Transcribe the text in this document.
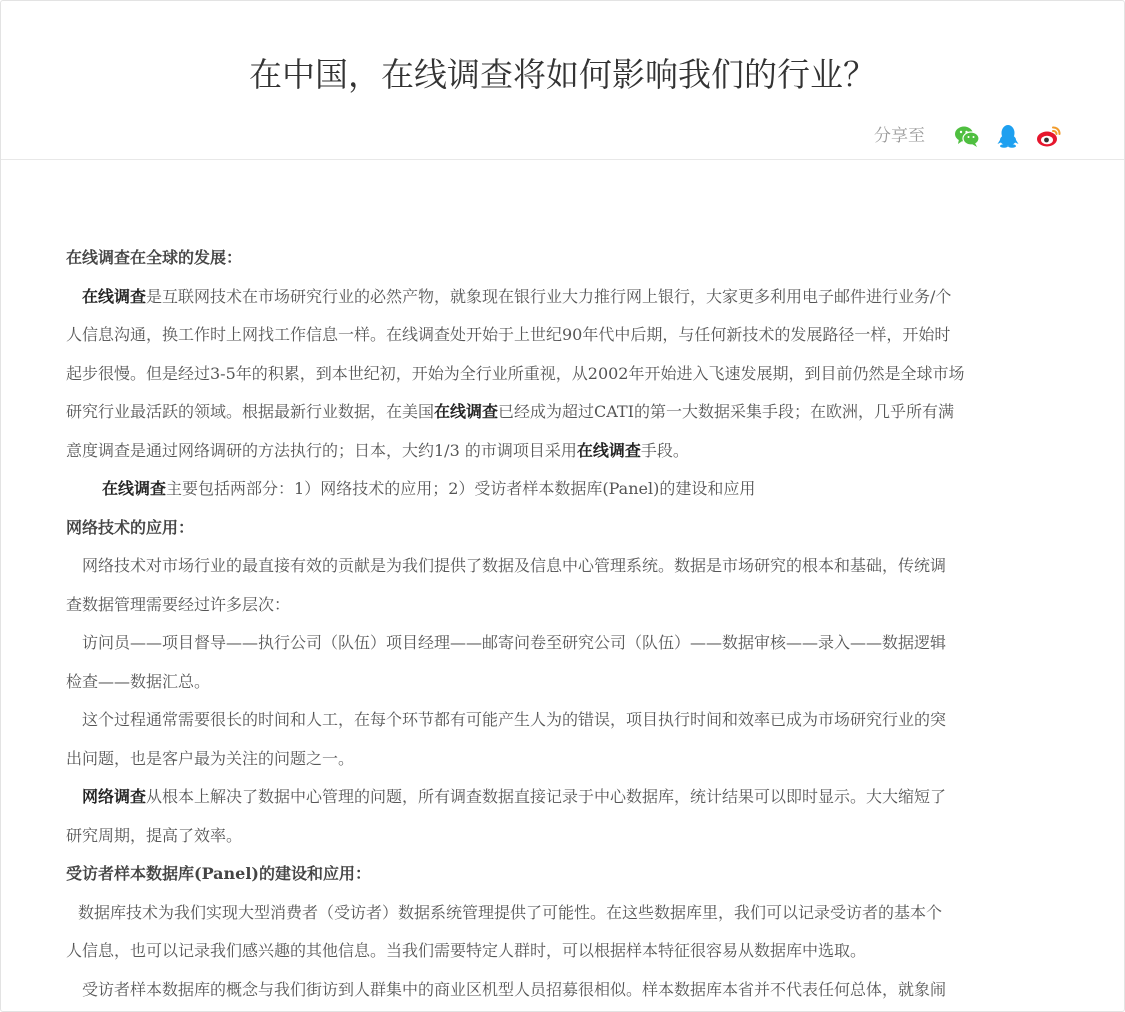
在中国，在线调查将如何影响我们的行业？
分享至

在线调查在全球的发展：

在线调查是互联网技术在市场研究行业的必然产物，就象现在银行业大力推行网上银行，大家更多利用电子邮件进行业务/个

人信息沟通，换工作时上网找工作信息一样。在线调查处开始于上世纪90年代中后期，与任何新技术的发展路径一样，开始时

起步很慢。但是经过3-5年的积累，到本世纪初，开始为全行业所重视，从2002年开始进入飞速发展期，到目前仍然是全球市场

研究行业最活跃的领域。根据最新行业数据，在美国在线调查已经成为超过CATI的第一大数据采集手段；在欧洲，几乎所有满

意度调查是通过网络调研的方法执行的；日本，大约1/3 的市调项目采用在线调查手段。

在线调查主要包括两部分：1）网络技术的应用；2）受访者样本数据库(Panel)的建设和应用

网络技术的应用：

网络技术对市场行业的最直接有效的贡献是为我们提供了数据及信息中心管理系统。数据是市场研究的根本和基础，传统调

查数据管理需要经过许多层次：

访问员——项目督导——执行公司（队伍）项目经理——邮寄问卷至研究公司（队伍）——数据审核——录入——数据逻辑

检查——数据汇总。

这个过程通常需要很长的时间和人工，在每个环节都有可能产生人为的错误，项目执行时间和效率已成为市场研究行业的突

出问题，也是客户最为关注的问题之一。

网络调查从根本上解决了数据中心管理的问题，所有调查数据直接记录于中心数据库，统计结果可以即时显示。大大缩短了

研究周期，提高了效率。

受访者样本数据库(Panel)的建设和应用：

数据库技术为我们实现大型消费者（受访者）数据系统管理提供了可能性。在这些数据库里，我们可以记录受访者的基本个

人信息，也可以记录我们感兴趣的其他信息。当我们需要特定人群时，可以根据样本特征很容易从数据库中选取。

受访者样本数据库的概念与我们街访到人群集中的商业区机型人员招募很相似。样本数据库本省并不代表任何总体，就象闹
